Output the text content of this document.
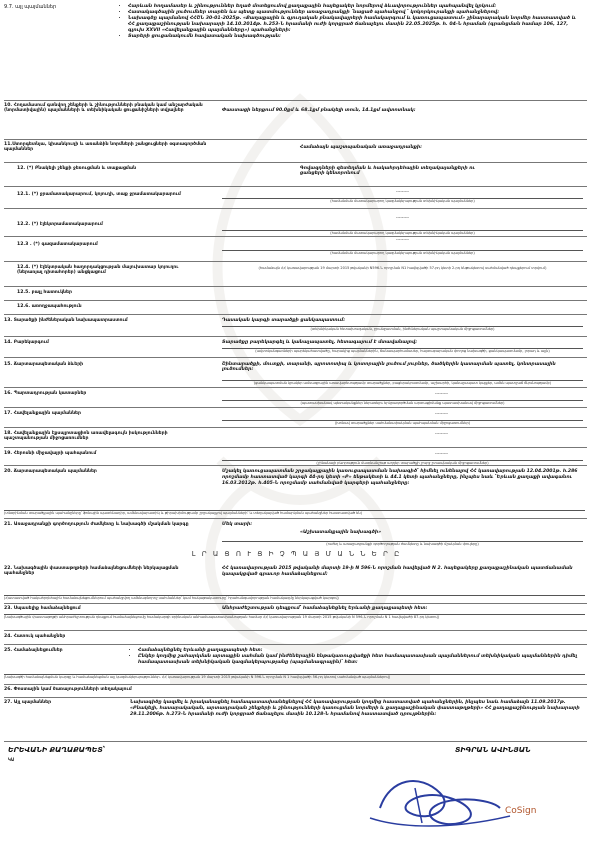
9.7. այլ պայմաններ	• Հարևան հողամասեր և շինություններ եղած մոտեցումով քաղաքային հայեցակեր նորմերով ձևավորություններ պահպանվել կրկում:
• Հատակագծային լուծումներ տարեն ևս պետք պատմություններ առաջադրանքի ՛նացած պահանջով ՝ կոկորկուրանքի պահանջներով:
• Նախագծը պայմանով ՀՀՇՆ 30-01-2025թ. «Քաղաքային և գյուղական բնակավայրերի համակարգում և կառուցապատում» շինարարական նորմեր հաստատված և ՀՀ քաղաքաշինության նախարարի 14.10.2014թ. հ.253-Ն հրամանի ուժի կորցրած ճանաչելու մասին 22.05.2025թ. հ. 04-Ն հրաման (գրանցման համար 106, 127, գլուխ XXVII «Հավելանքային պայմանները») պահանջների:
• Տարերի ցուցանակումն հավատական նախագծության:
10. Հողամասում գտնվող շենքերի և շինությունների բնական կամ անշարժական (նորմատիվային) պայմանների և տեխնիկական ցուցանիշների տվյալներ	Փաստացի ներքում 90.0քմ և 68.1քմ բնակելի տուն, 14.1քմ ավտոտնակ:
11.Ստորգետնյա, կիսանկուղի և առանձին նորմների շանցուցների օգտագործման պայմաններ	Համաձայն պաշտպանական առաջադրանքի:
12. (*) Բնակելի շենքի ջեռուցման և տաքացման	Գովազդների զետեղման և հակահրդեհային տեղակայանքերի ու ցանցերի կենտրոնում
12.1. (*) ջրամատակարարում, կոյուղի, տաք ջրամատակարարում
---------
(համանման մատակարարող կազմակերպության տեխնիկական պայմաններ)
12.2. (*) էլեկտրամատակարարում
---------
(համանման մատակարարող կազմակերպության տեխնիկական պայմաններ)
12.3 . (*) գազամատակարարում
---------
(համանման մատակարարող կազմակերպության տեխնիկական պայմաններ)
12.4. (*) Էլեկտրական հաղորդակցության մալուխատար կոյուղու (ներառյալ դիտահորեր) անցկացում
(համաձայն ՀՀ կառավարության 19 մարտի 2015 թվականի N596-Ն որոշման N1 հավելվածի 57-րդ կետի 2-րդ ենթակետով սահմանված դեպքերում տրվում)
12.5. բալլ հատուկներ
12.6. առողջապահություն
13. Տարածքի ինժեներական նախապատրաստում	Դասական կարգի տարածքի ցանկապատում:
(տեխնիկական հետախուզական, ջրանջատման, ինժեներական պաշտպանական միջոցառումներ)
14. Բարեկարգում	Տարածքը բարեկարգել և կանաչապատել, հետագայում է մտավանալով:
(ավտոկանգառների պարեկահատվածը, հարակից պայմաններին, ճանապարհամասեր, հայտաբարական փողոց նախագծի, ցանկապատմամբ, լորադ և այլն)
15. Ճարտարապետական ձևերի	Շինտարածքի, մուտքի, տարանի, պրոտոտիպ և կոտորային լուծում յուրներ, ծածկերին կատարման պատել, կոնտրասային լուծումներ:
(ցանկապատման կրակեր ամսագրային առավարեսությամբ տարածքներ, բացերակոստմամբ, աշխարհի, կանաչապատ կայքեր, ամեն պատշաճ ճկունությամբ)
16. Պարտադրության կատարներ	---------
(պատասխանավ պետականքներ ներառելու երկրագործման արտացիմանք պատասխանավ միջոցառումներ)
17. Հավելանքային պայմաններ	---------
(խոնավ տարածքներ սահմանափակման պահպանման միջոցառումներ)
18. Հավելանքային էքսպլոտացիոն առավելագույն իսկությունների պաշտպանության միջոցառումներ
---------
19. Հերոսնի միջավայրի պահպանում	---------
(շինանայի բևորություն մատնանշութ աղղեր տարածքի շուրջ շտապնական միջոցառումներ)
20. Ճարտարապետական պայմաններ	Մշակել կառուցապատման շրջակայքային կառուցապատման նախագիծ՝ հիմնել ունենալով ՀՀ կառավարության 12.04.2001թ. հ.286 որոշմամբ հաստատված կարգի 44-րդ կետի «Բ» ենթակետի և 44.1 կետի պահանջները, ինչպես նաև ՝Երևան քաղաքի ավագանու 16.03.2012թ. հ.405-Ն որոշմամբ սահմանված կարգերի պահանջները:
(տնօրինման տարածքային պահանջները՝ ֆոնային պատենադիր, ամենավարատիկ և թիրախիմությամբ շրջակայքով պայմանների՝ և տեղակայված համարկման պահանջներ հաստատված են)
21. Առաջադրանքի գործողություն ժամկետը և նախագծի մշակման կարգը	Մեկ տարի:
«Աշխատանքային նախագծի»
(ուժեղ և առաջադրանքի գործողության ժամկետը և նախագծի մշակման փուլերը)
Լ Ր Ա Ց Ո Ւ Ց Ի Չ Պ Ա Յ Մ Ա Ն Ն Ե Ր Ը
22. Նախագծային փաստաթղթերի համաձայնեցումների ներկայացման պահանջներ
ՀՀ կառավարության 2015 թվականի մարտի 19-ի N 596-Ն որոշման հավելված N 2. հայեցակերը քաղաքաշինական պատճանաման կապակցված գրաւոր համաձայնեցում:
(Հատատված հակահրդեհային համաձայնեցումներում պահանջվող ամենաբնորոշ սահմաններ՝ կամ հակաթակատուրը՝ հրահանգավորության համակազմը ներկայացված կարգով)
23. Սպասելիք համաձայնեցում	Անհրաժեշտության դեպքում՝ համաձայնեցնել Երևանի քաղաքապետի հետ:
(նախագծային փաստաթղթի անհրաժեշտության դեպքում համաձայնեցումը համակարգի օրինական անհամապատասխանության համար ՀՀ կառավարության 19 մարտի 2015 թվականի N 596-Ն որոշման N 1 հավելվածի 87-րդ կետով)
24. Հատուկ պահանջներ
25. Համաձայնեցումներ	• Համաձայնեցնել Երևանի քաղաքապետի հետ:
• Ընկեր կողմից շահարկման արտաքին սահման կամ ինժեներային ենթակառուցվածքի հետ համապատասխան պայմաններում տեխնիկական պայմաններին դիմել համապատասխան տեխնիկական կազմակերպությանը (պայմանագրային)՝ հետ:
(նախագծի համաձայնեցման կարգը և համաձայնեցման այլ կազմակերպություններ. ՀՀ կառավարության 19 մարտի 2015 թվականի N 596-Ն որոշման N 1 հավելվածի 56-րդ կետով սահմանված պայմաններով)
26. Փոստային կամ ծառայությունների տեղակայում
27. Այլ պայմաններ	Նախագիծը կազմել և իրականացնել համապատասխանեցնելով ՀՀ կառավարության կողմից հաստատված պահանջներին, ինչպես նաև համաձայն 11.09.2017թ. «Բնակելի, հասարակական, արտադրական շենքերի և շինությունների կառուցման նորմերի և քաղաքաշինական փաստաթղթերի» ՀՀ քաղաքաշինության նախարարի 29.11.2006թ. հ.273-Ն հրամանի ուժի կորցրած ճանաչելու մասին 10.128-Ն հրամանով հաստատված դրույթներին:
ԵՐԵՎԱՆԻ ՔԱՂԱՔԱՊԵՏ՝	ՏԻԳՐԱՆ ԱՎԻՆՅԱՆ
ԿԱ
CoSign
